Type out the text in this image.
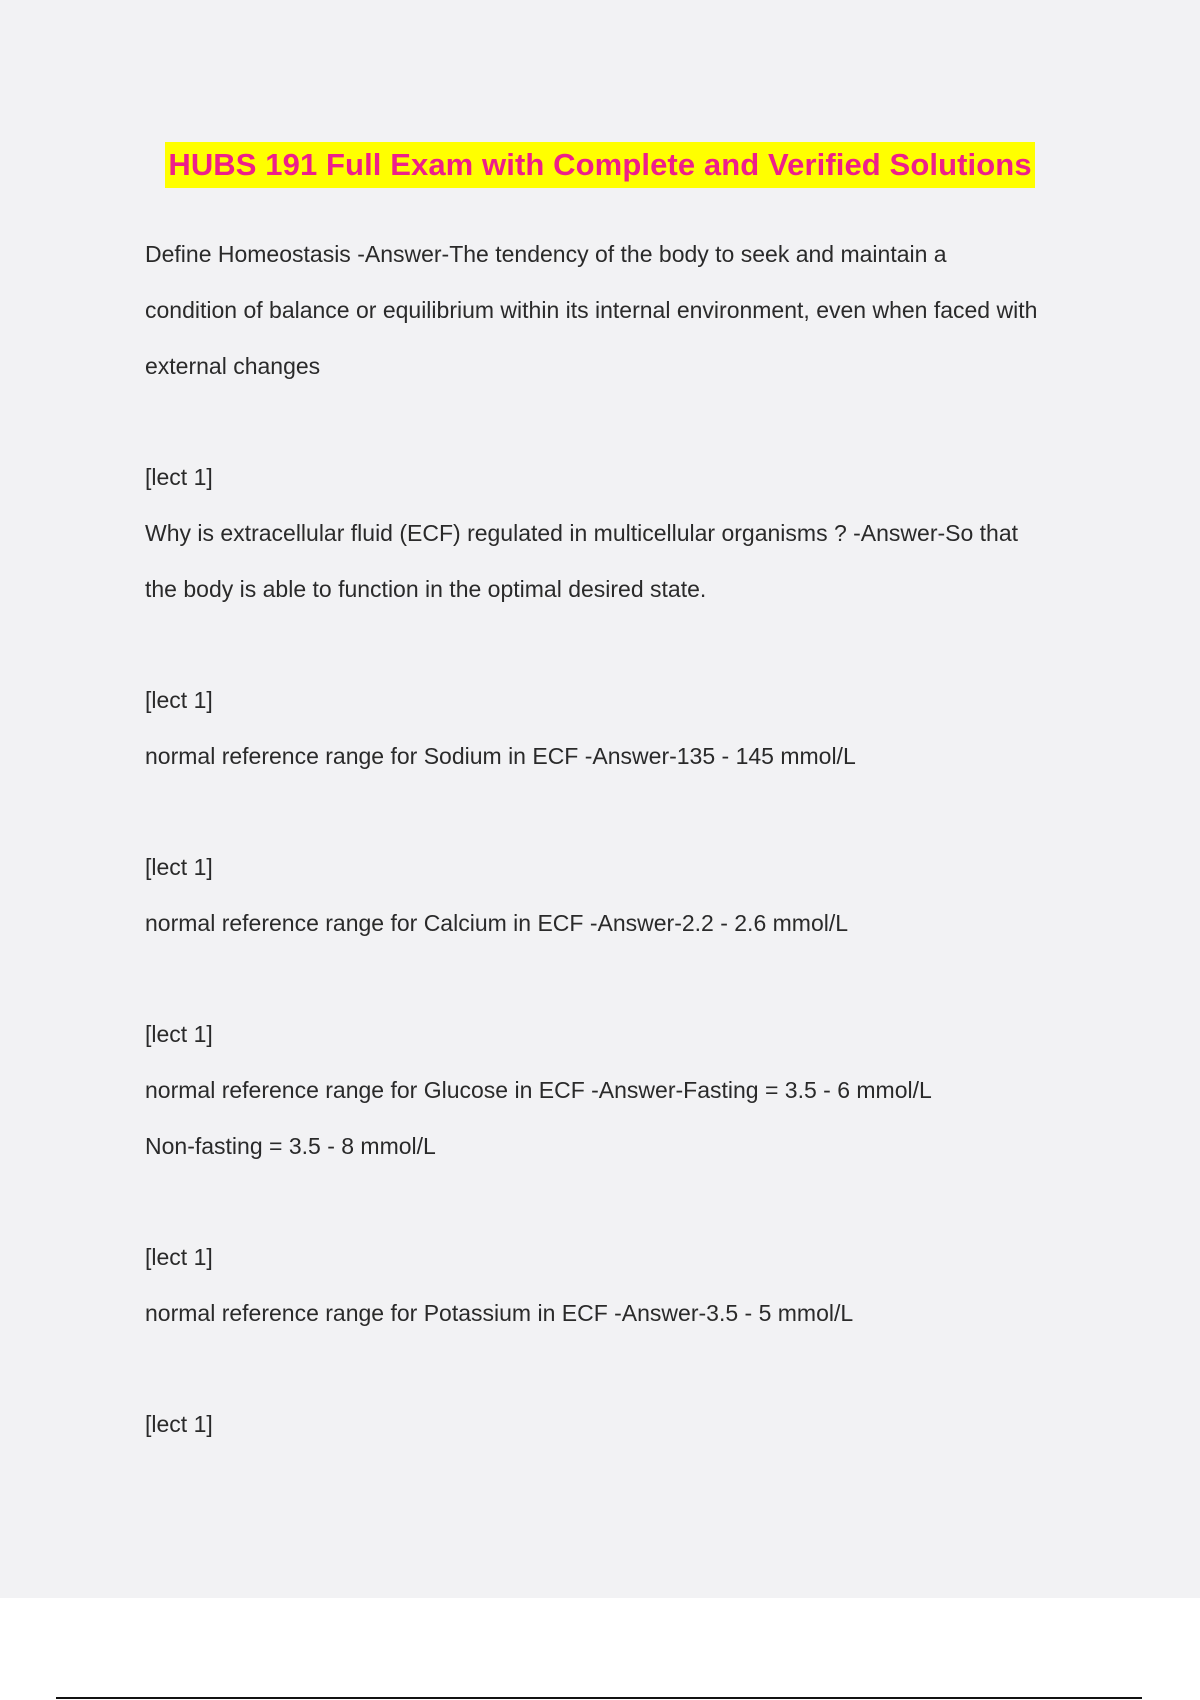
HUBS 191 Full Exam with Complete and Verified Solutions
Define Homeostasis -Answer-The tendency of the body to seek and maintain a
condition of balance or equilibrium within its internal environment, even when faced with
external changes
[lect 1]
Why is extracellular fluid (ECF) regulated in multicellular organisms ? -Answer-So that
the body is able to function in the optimal desired state.
[lect 1]
normal reference range for Sodium in ECF -Answer-135 - 145 mmol/L
[lect 1]
normal reference range for Calcium in ECF -Answer-2.2 - 2.6 mmol/L
[lect 1]
normal reference range for Glucose in ECF -Answer-Fasting = 3.5 - 6 mmol/L
Non-fasting = 3.5 - 8 mmol/L
[lect 1]
normal reference range for Potassium in ECF -Answer-3.5 - 5 mmol/L
[lect 1]
